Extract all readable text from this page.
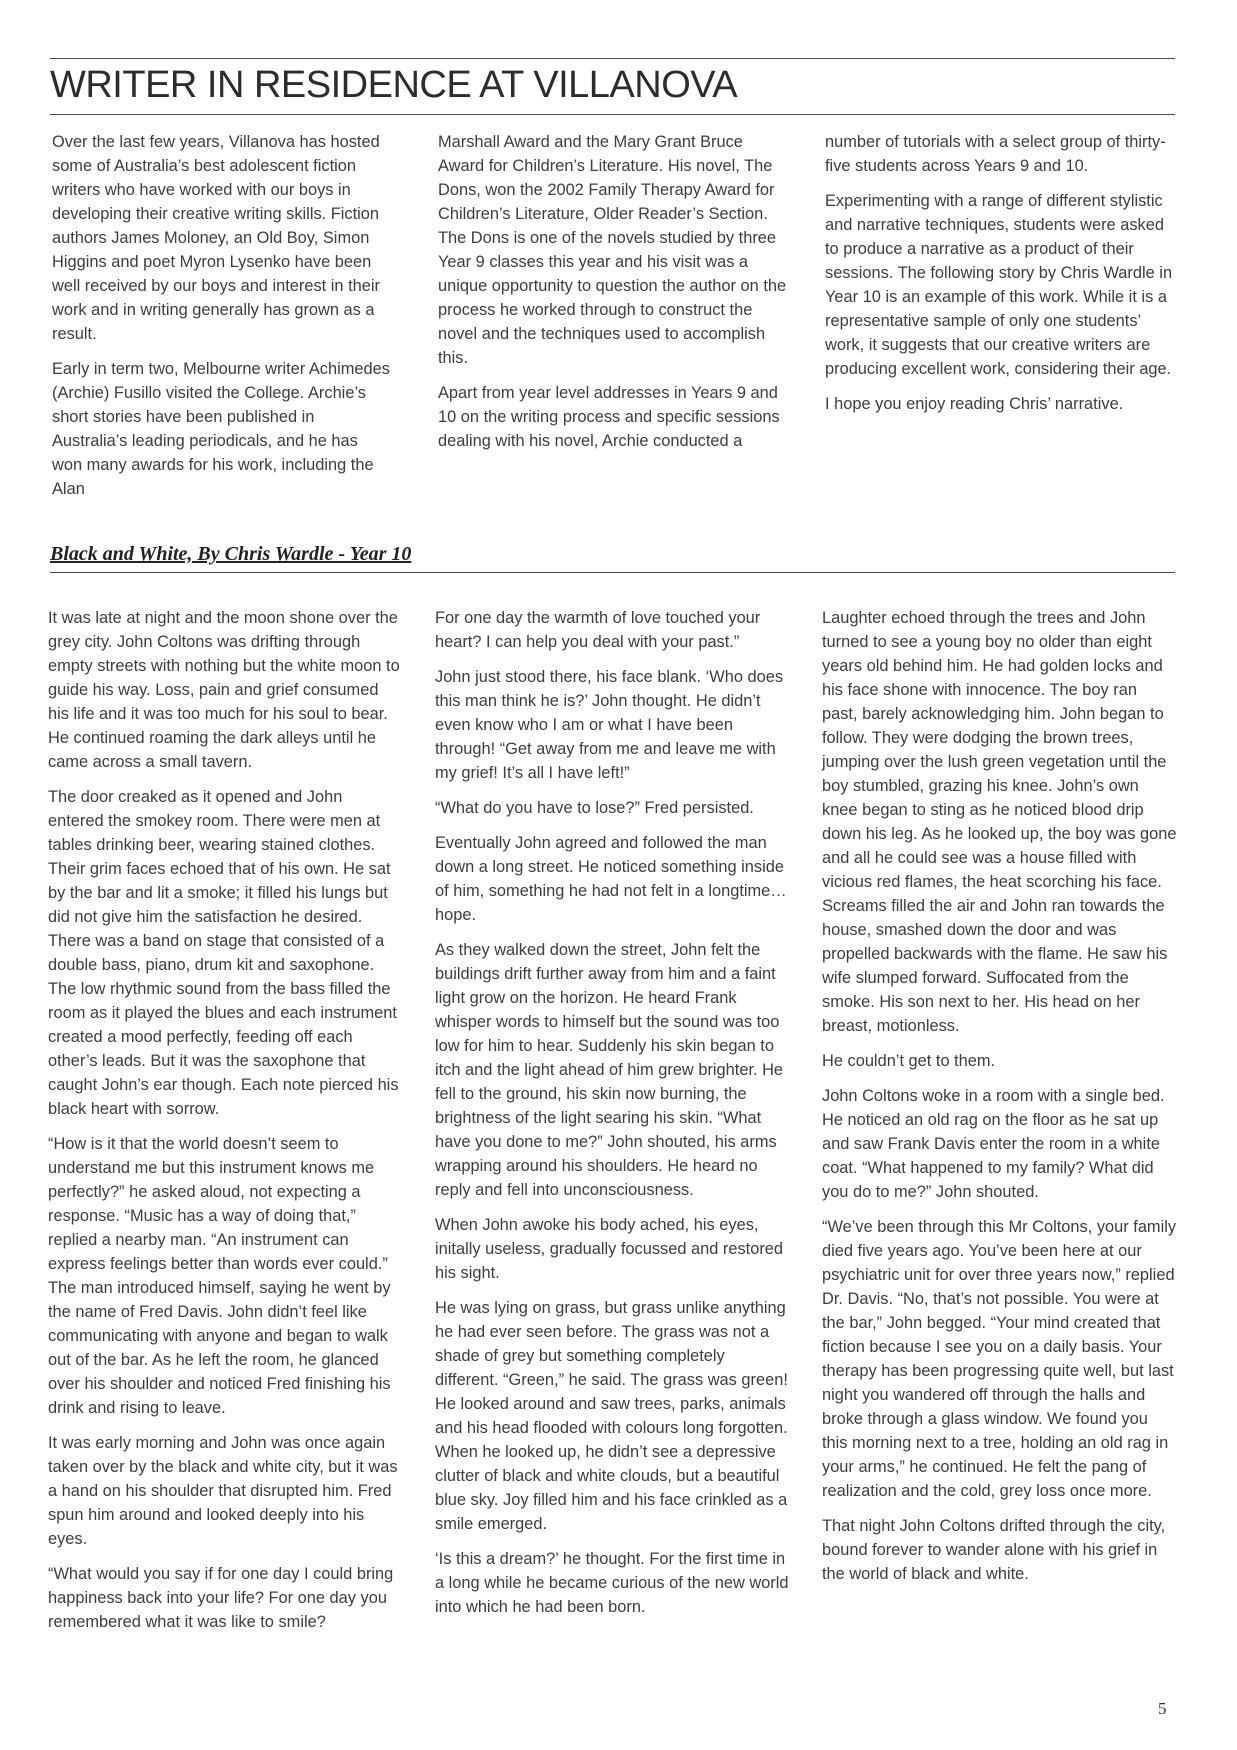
WRITER IN RESIDENCE AT VILLANOVA

Over the last few years, Villanova has hosted some of Australia’s best adolescent fiction writers who have worked with our boys in developing their creative writing skills. Fiction authors James Moloney, an Old Boy, Simon Higgins and poet Myron Lysenko have been well received by our boys and interest in their work and in writing generally has grown as a result.

Early in term two, Melbourne writer Achimedes (Archie) Fusillo visited the College. Archie’s short stories have been published in Australia’s leading periodicals, and he has won many awards for his work, including the Alan

Marshall Award and the Mary Grant Bruce Award for Children’s Literature. His novel, The Dons, won the 2002 Family Therapy Award for Children’s Literature, Older Reader’s Section. The Dons is one of the novels studied by three Year 9 classes this year and his visit was a unique opportunity to question the author on the process he worked through to construct the novel and the techniques used to accomplish this.

Apart from year level addresses in Years 9 and 10 on the writing process and specific sessions dealing with his novel, Archie conducted a

number of tutorials with a select group of thirty-five students across Years 9 and 10.

Experimenting with a range of different stylistic and narrative techniques, students were asked to produce a narrative as a product of their sessions. The following story by Chris Wardle in Year 10 is an example of this work. While it is a representative sample of only one students’ work, it suggests that our creative writers are producing excellent work, considering their age.

I hope you enjoy reading Chris’ narrative.

Black and White, By Chris Wardle - Year 10

It was late at night and the moon shone over the grey city. John Coltons was drifting through empty streets with nothing but the white moon to guide his way. Loss, pain and grief consumed his life and it was too much for his soul to bear. He continued roaming the dark alleys until he came across a small tavern.

The door creaked as it opened and John entered the smokey room. There were men at tables drinking beer, wearing stained clothes. Their grim faces echoed that of his own. He sat by the bar and lit a smoke; it filled his lungs but did not give him the satisfaction he desired. There was a band on stage that consisted of a double bass, piano, drum kit and saxophone. The low rhythmic sound from the bass filled the room as it played the blues and each instrument created a mood perfectly, feeding off each other’s leads. But it was the saxophone that caught John’s ear though. Each note pierced his black heart with sorrow.

“How is it that the world doesn’t seem to understand me but this instrument knows me perfectly?” he asked aloud, not expecting a response. “Music has a way of doing that,” replied a nearby man. “An instrument can express feelings better than words ever could.” The man introduced himself, saying he went by the name of Fred Davis. John didn’t feel like communicating with anyone and began to walk out of the bar. As he left the room, he glanced over his shoulder and noticed Fred finishing his drink and rising to leave.

It was early morning and John was once again taken over by the black and white city, but it was a hand on his shoulder that disrupted him. Fred spun him around and looked deeply into his eyes.

“What would you say if for one day I could bring happiness back into your life? For one day you remembered what it was like to smile?

For one day the warmth of love touched your heart? I can help you deal with your past.”

John just stood there, his face blank. ‘Who does this man think he is?’ John thought. He didn’t even know who I am or what I have been through! “Get away from me and leave me with my grief! It’s all I have left!”

“What do you have to lose?” Fred persisted.

Eventually John agreed and followed the man down a long street. He noticed something inside of him, something he had not felt in a longtime…hope.

As they walked down the street, John felt the buildings drift further away from him and a faint light grow on the horizon. He heard Frank whisper words to himself but the sound was too low for him to hear. Suddenly his skin began to itch and the light ahead of him grew brighter. He fell to the ground, his skin now burning, the brightness of the light searing his skin. “What have you done to me?” John shouted, his arms wrapping around his shoulders. He heard no reply and fell into unconsciousness.

When John awoke his body ached, his eyes, initally useless, gradually focussed and restored his sight.

He was lying on grass, but grass unlike anything he had ever seen before. The grass was not a shade of grey but something completely different. “Green,” he said. The grass was green! He looked around and saw trees, parks, animals and his head flooded with colours long forgotten. When he looked up, he didn’t see a depressive clutter of black and white clouds, but a beautiful blue sky. Joy filled him and his face crinkled as a smile emerged.

‘Is this a dream?’ he thought. For the first time in a long while he became curious of the new world into which he had been born.

Laughter echoed through the trees and John turned to see a young boy no older than eight years old behind him. He had golden locks and his face shone with innocence. The boy ran past, barely acknowledging him. John began to follow. They were dodging the brown trees, jumping over the lush green vegetation until the boy stumbled, grazing his knee. John’s own knee began to sting as he noticed blood drip down his leg. As he looked up, the boy was gone and all he could see was a house filled with vicious red flames, the heat scorching his face. Screams filled the air and John ran towards the house, smashed down the door and was propelled backwards with the flame. He saw his wife slumped forward. Suffocated from the smoke. His son next to her. His head on her breast, motionless.

He couldn’t get to them.

John Coltons woke in a room with a single bed. He noticed an old rag on the floor as he sat up and saw Frank Davis enter the room in a white coat. “What happened to my family? What did you do to me?” John shouted.

“We’ve been through this Mr Coltons, your family died five years ago. You’ve been here at our psychiatric unit for over three years now,” replied Dr. Davis. “No, that’s not possible. You were at the bar,” John begged. “Your mind created that fiction because I see you on a daily basis. Your therapy has been progressing quite well, but last night you wandered off through the halls and broke through a glass window. We found you this morning next to a tree, holding an old rag in your arms,” he continued. He felt the pang of realization and the cold, grey loss once more.

That night John Coltons drifted through the city, bound forever to wander alone with his grief in the world of black and white.

5
